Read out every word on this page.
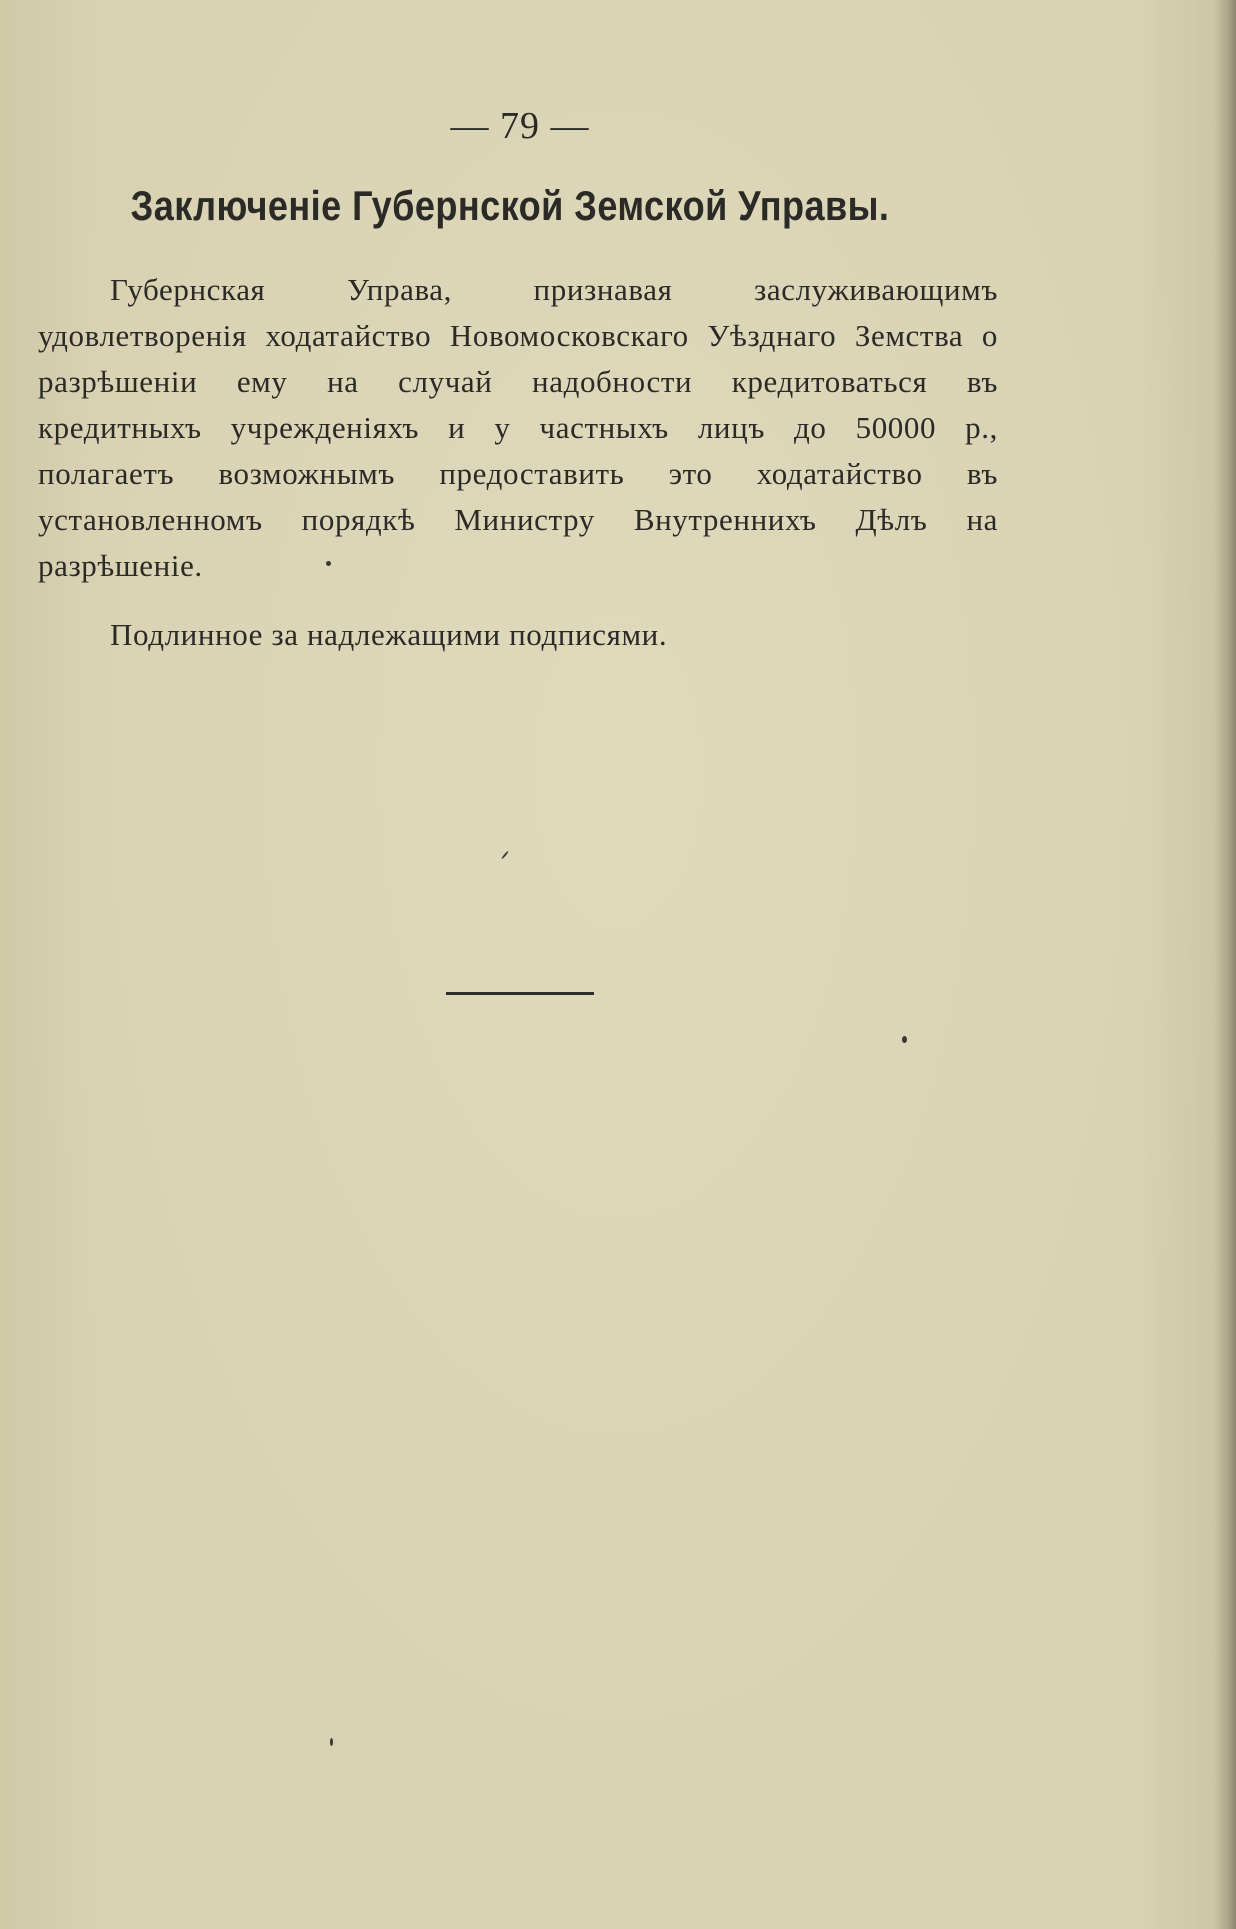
— 79 —
Заключеніе Губернской Земской Управы.
Губернская Управа, признавая заслуживающимъ удовлетворенія ходатайство Новомосковскаго Уѣзднаго Земства о разрѣшеніи ему на случай надобности кредитоваться въ кредитныхъ учрежденіяхъ и у частныхъ лицъ до 50000 р., полагаетъ возможнымъ предоставить это ходатайство въ установленномъ порядкѣ Министру Внутреннихъ Дѣлъ на разрѣшеніе.
Подлинное за надлежащими подписями.
